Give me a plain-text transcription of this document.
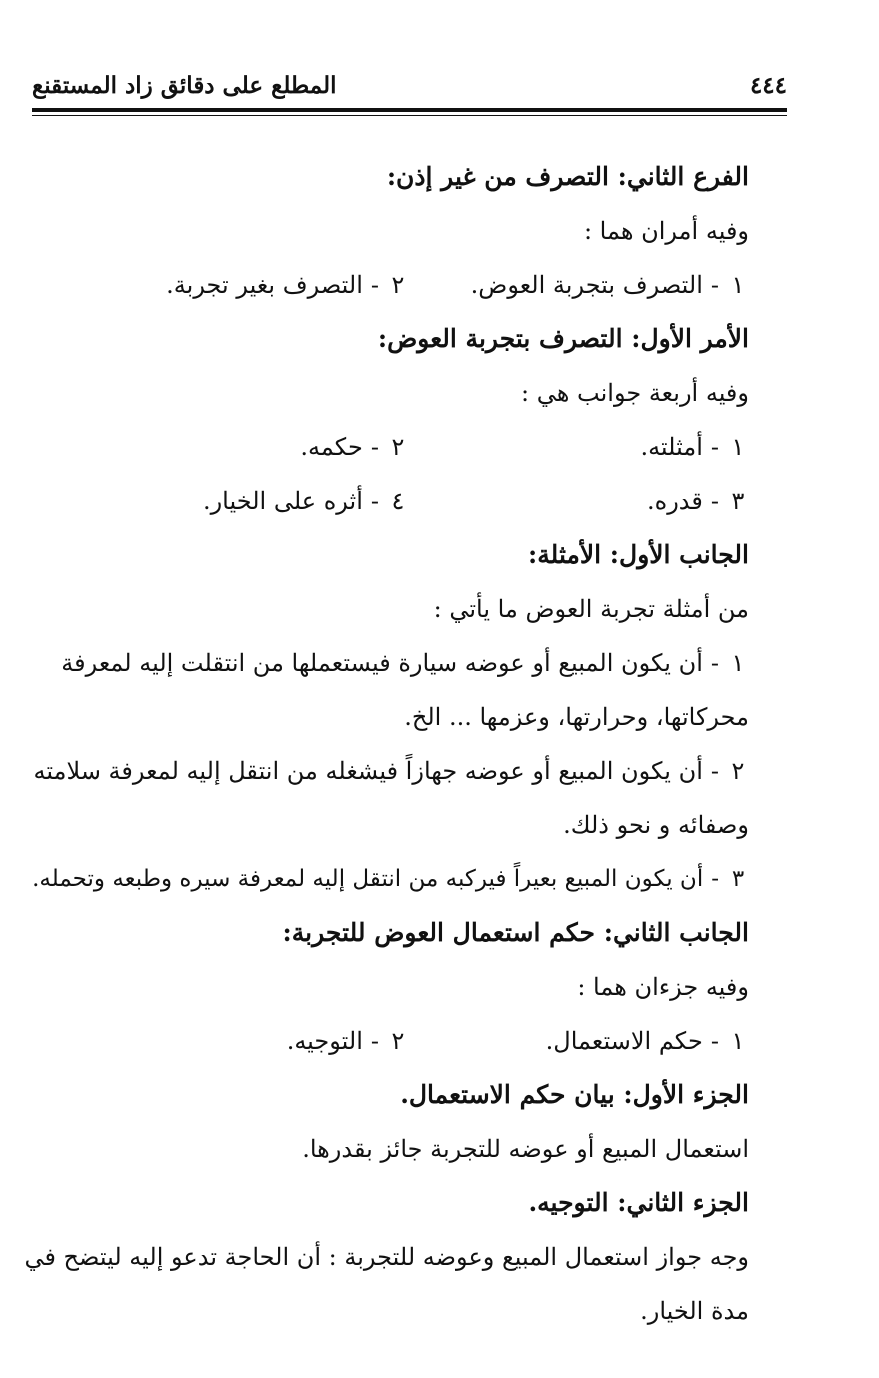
المطلع على دقائق زاد المستقنع	٤٤٤
الفرع الثاني: التصرف من غير إذن:
وفيه أمران هما :
١-التصرف بتجربة العوض.
٢-التصرف بغير تجربة.
الأمر الأول: التصرف بتجربة العوض:
وفيه أربعة جوانب هي :
١-أمثلته.
٢-حكمه.
٣-قدره.
٤-أثره على الخيار.
الجانب الأول: الأمثلة:
من أمثلة تجربة العوض ما يأتي :
١-أن يكون المبيع أو عوضه سيارة فيستعملها من انتقلت إليه لمعرفة
محركاتها، وحرارتها، وعزمها ... الخ.
٢-أن يكون المبيع أو عوضه جهازاً فيشغله من انتقل إليه لمعرفة سلامته
وصفائه و نحو ذلك.
٣-أن يكون المبيع بعيراً فيركبه من انتقل إليه لمعرفة سيره وطبعه وتحمله.
الجانب الثاني: حكم استعمال العوض للتجربة:
وفيه جزءان هما :
١-حكم الاستعمال.
٢-التوجيه.
الجزء الأول: بيان حكم الاستعمال.
استعمال المبيع أو عوضه للتجربة جائز بقدرها.
الجزء الثاني: التوجيه.
وجه جواز استعمال المبيع وعوضه للتجربة : أن الحاجة تدعو إليه ليتضح في
مدة الخيار.
